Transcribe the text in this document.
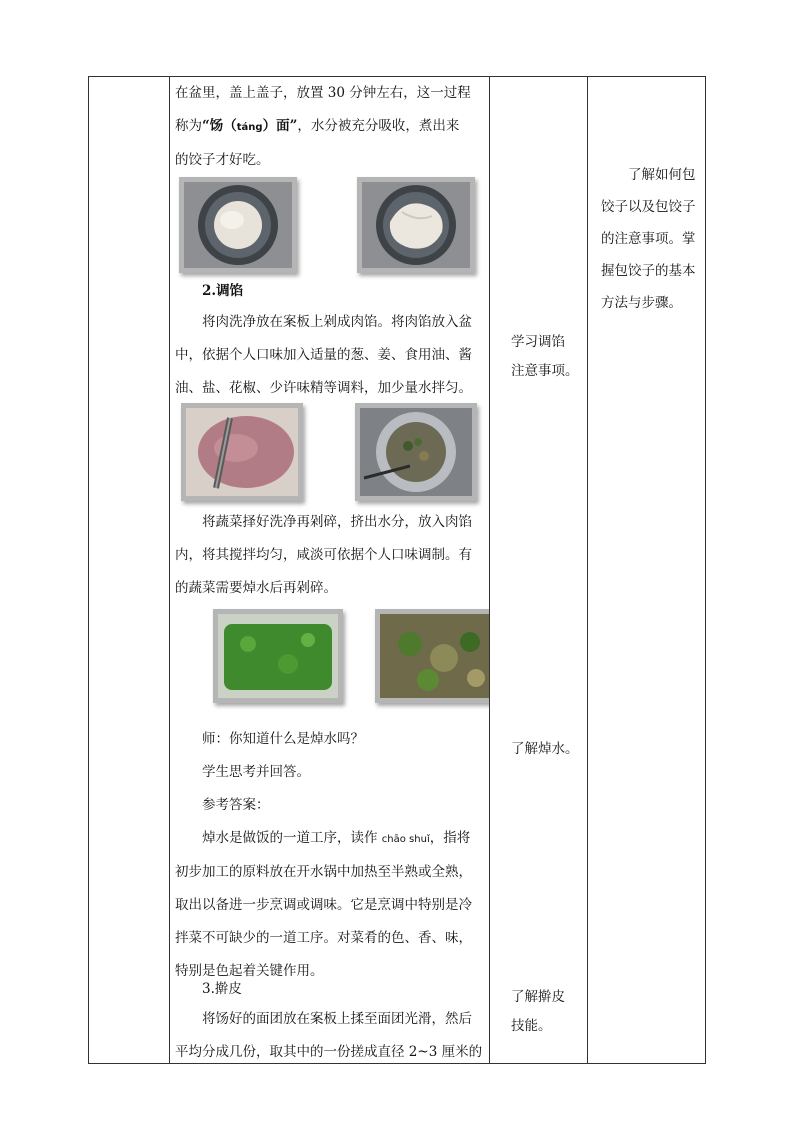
在盆里，盖上盖子，放置 30 分钟左右，这一过程
称为“饧（táng）面”，水分被充分吸收，煮出来
的饺子才好吃。

2.调馅

将肉洗净放在案板上剁成肉馅。将肉馅放入盆
中，依据个人口味加入适量的葱、姜、食用油、酱
油、盐、花椒、少许味精等调料，加少量水拌匀。

将蔬菜择好洗净再剁碎，挤出水分，放入肉馅
内，将其搅拌均匀，咸淡可依据个人口味调制。有
的蔬菜需要焯水后再剁碎。

师：你知道什么是焯水吗？
学生思考并回答。
参考答案：
焯水是做饭的一道工序，读作 chāo shuǐ，指将
初步加工的原料放在开水锅中加热至半熟或全熟，
取出以备进一步烹调或调味。它是烹调中特别是冷
拌菜不可缺少的一道工序。对菜肴的色、香、味，
特别是色起着关键作用。

3.擀皮

将饧好的面团放在案板上揉至面团光滑，然后
平均分成几份，取其中的一份搓成直径 2~3 厘米的

学习调馅
注意事项。

了解焯水。

了解擀皮
技能。

了解如何包
饺子以及包饺子
的注意事项。掌
握包饺子的基本
方法与步骤。
